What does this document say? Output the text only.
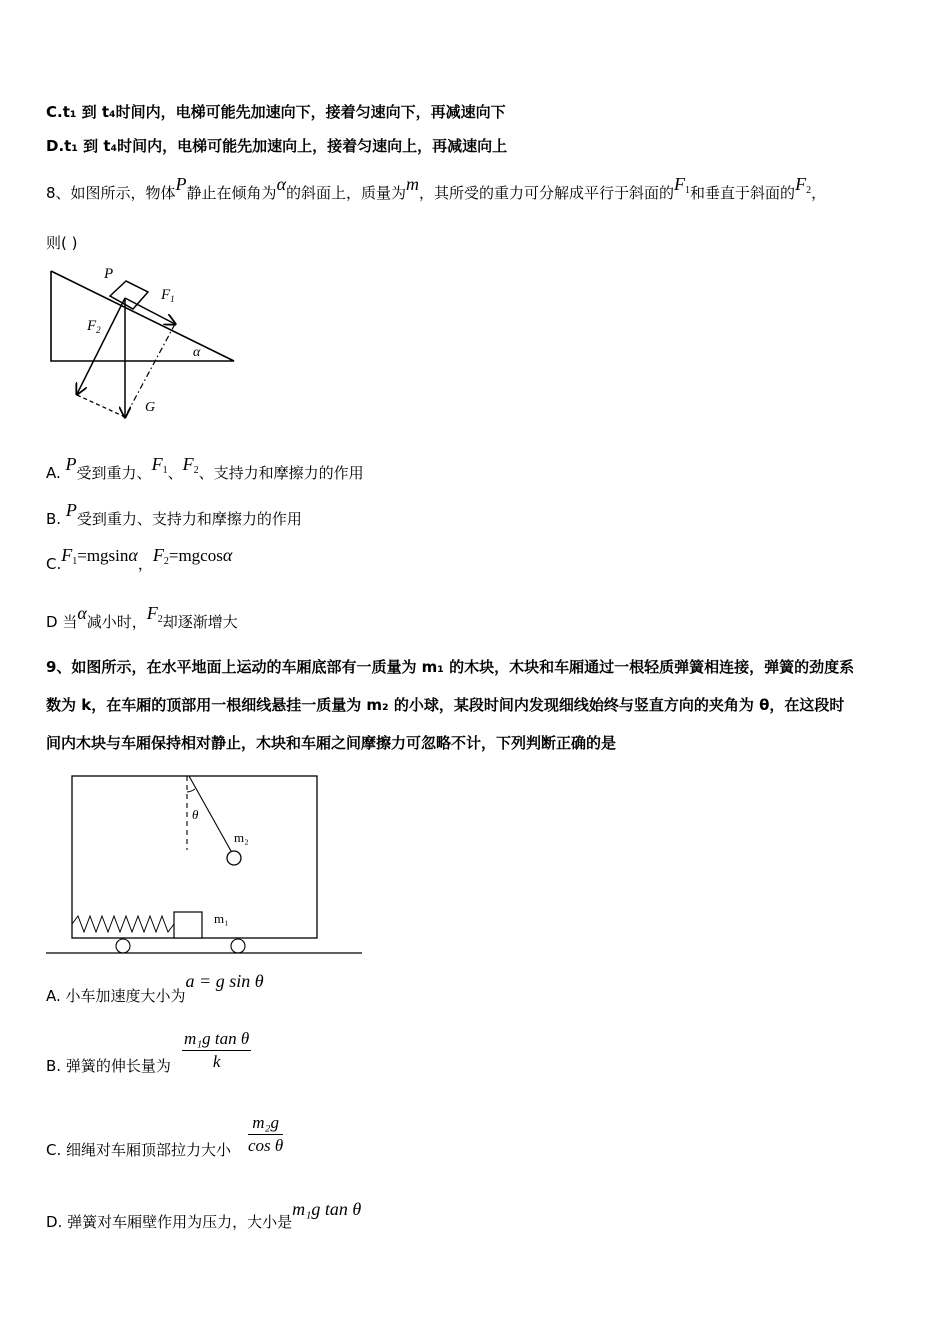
C.t₁ 到 t₄时间内，电梯可能先加速向下，接着匀速向下，再减速向下
D.t₁ 到 t₄时间内，电梯可能先加速向上，接着匀速向上，再减速向上
8、如图所示，物体P静止在倾角为α的斜面上，质量为m，其所受的重力可分解成平行于斜面的$F_1$和垂直于斜面的$F_2$，
则( )
P
$F_1$
$F_2$
α
G
A. P受到重力、$F_1$、$F_2$、支持力和摩擦力的作用
B. P受到重力、支持力和摩擦力的作用
$C.F_1=mgsin\alpha$，$F_2=mgcos\alpha$
D 当α减小时，$F_2$却逐渐增大
9、如图所示，在水平地面上运动的车厢底部有一质量为 m₁ 的木块，木块和车厢通过一根轻质弹簧相连接，弹簧的劲度系
数为 k，在车厢的顶部用一根细线悬挂一质量为 m₂ 的小球，某段时间内发现细线始终与竖直方向的夹角为 θ，在这段时
间内木块与车厢保持相对静止，木块和车厢之间摩擦力可忽略不计，下列判断正确的是
θ
m₂
m₁
A. 小车加速度大小为a = g sin θ
B. 弹簧的伸长量为 $\frac{\text{m₁g tan θ}}{k}$
C. 细绳对车厢顶部拉力大小 $\frac{\text{m₂g}}{\text{cos θ}}$
D. 弹簧对车厢壁作用为压力，大小是m₁g tan θ
